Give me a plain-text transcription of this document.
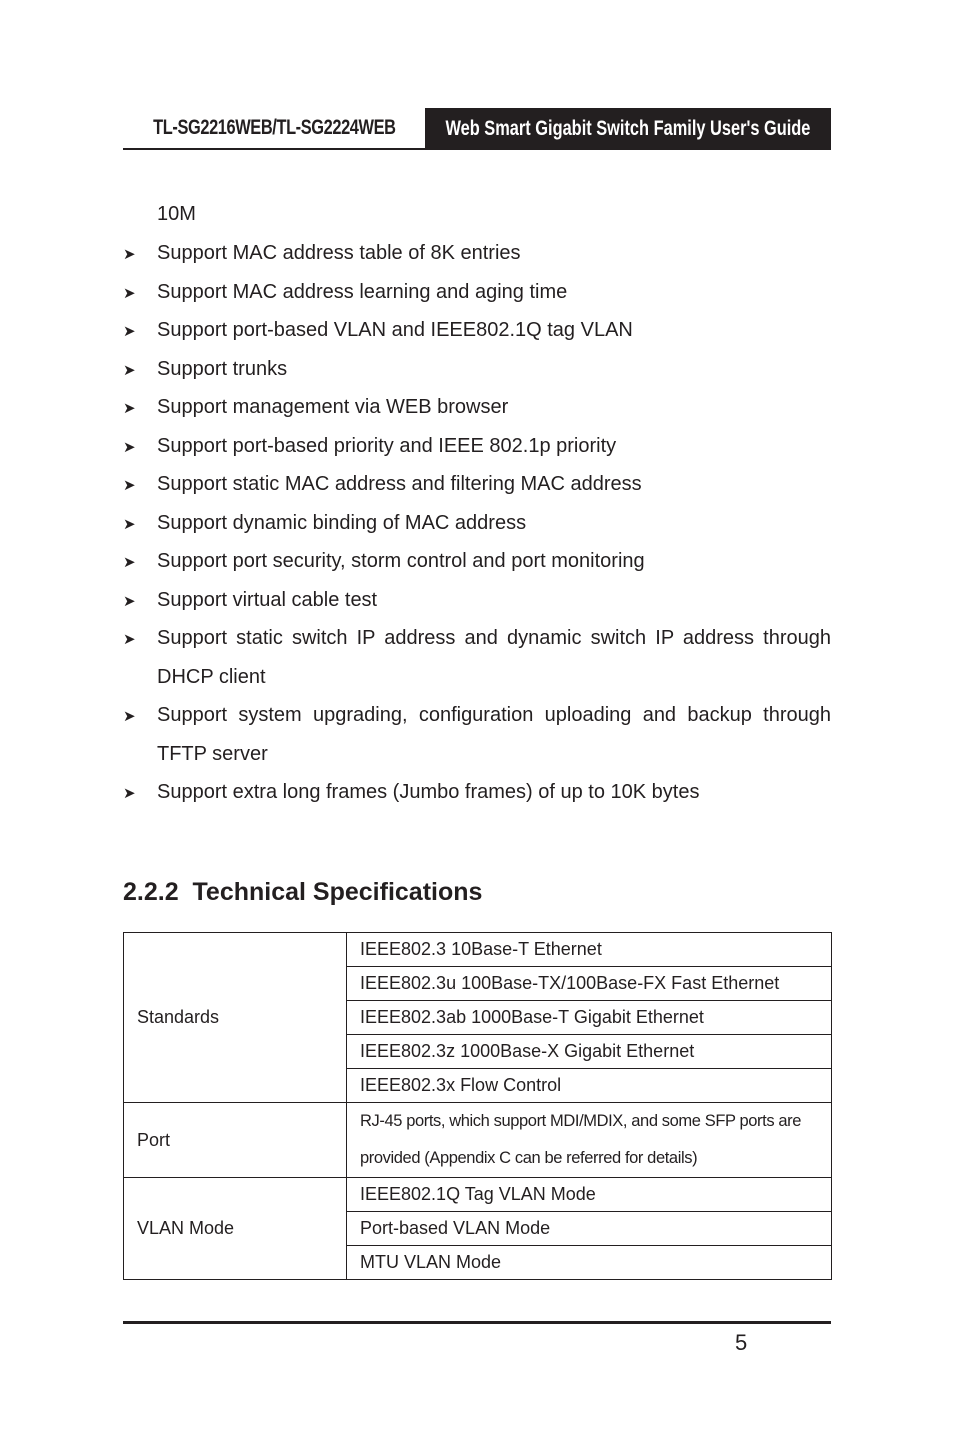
TL-SG2216WEB/TL-SG2224WEB Web Smart Gigabit Switch Family User's Guide
10M
➤ Support MAC address table of 8K entries
➤ Support MAC address learning and aging time
➤ Support port-based VLAN and IEEE802.1Q tag VLAN
➤ Support trunks
➤ Support management via WEB browser
➤ Support port-based priority and IEEE 802.1p priority
➤ Support static MAC address and filtering MAC address
➤ Support dynamic binding of MAC address
➤ Support port security, storm control and port monitoring
➤ Support virtual cable test
➤ Support static switch IP address and dynamic switch IP address through DHCP client
➤ Support system upgrading, configuration uploading and backup through TFTP server
➤ Support extra long frames (Jumbo frames) of up to 10K bytes
2.2.2 Technical Specifications
Standards	IEEE802.3 10Base-T Ethernet
	IEEE802.3u 100Base-TX/100Base-FX Fast Ethernet
	IEEE802.3ab 1000Base-T Gigabit Ethernet
	IEEE802.3z 1000Base-X Gigabit Ethernet
	IEEE802.3x Flow Control
Port	RJ-45 ports, which support MDI/MDIX, and some SFP ports are
provided (Appendix C can be referred for details)

VLAN Mode	IEEE802.1Q Tag VLAN Mode
	Port-based VLAN Mode
	MTU VLAN Mode
5
